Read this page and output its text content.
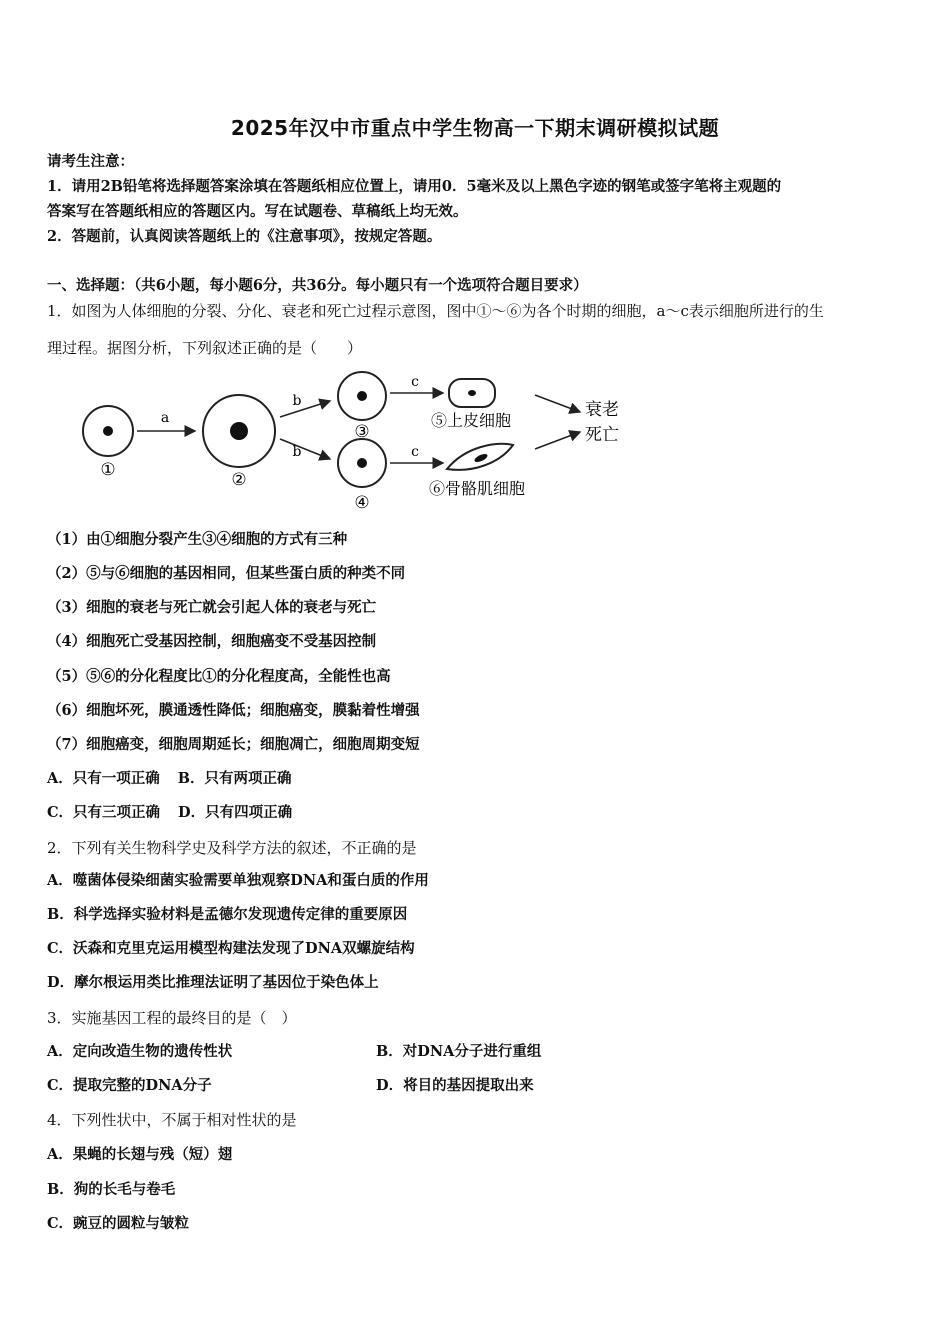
2025年汉中市重点中学生物高一下期末调研模拟试题
请考生注意：
1．请用2B铅笔将选择题答案涂填在答题纸相应位置上，请用0．5毫米及以上黑色字迹的钢笔或签字笔将主观题的
答案写在答题纸相应的答题区内。写在试题卷、草稿纸上均无效。
2．答题前，认真阅读答题纸上的《注意事项》，按规定答题。
一、选择题：（共6小题，每小题6分，共36分。每小题只有一个选项符合题目要求）
1．如图为人体细胞的分裂、分化、衰老和死亡过程示意图，图中①～⑥为各个时期的细胞，a～c表示细胞所进行的生
理过程。据图分析，下列叙述正确的是（　　）
①
a
②
b
b
③
④
c
c
⑤上皮细胞
⑥骨骼肌细胞
衰老
死亡
（1）由①细胞分裂产生③④细胞的方式有三种
（2）⑤与⑥细胞的基因相同，但某些蛋白质的种类不同
（3）细胞的衰老与死亡就会引起人体的衰老与死亡
（4）细胞死亡受基因控制，细胞癌变不受基因控制
（5）⑤⑥的分化程度比①的分化程度高，全能性也高
（6）细胞坏死，膜通透性降低；细胞癌变，膜黏着性增强
（7）细胞癌变，细胞周期延长；细胞凋亡，细胞周期变短
A．只有一项正确 B．只有两项正确
C．只有三项正确 D．只有四项正确
2．下列有关生物科学史及科学方法的叙述，不正确的是
A．噬菌体侵染细菌实验需要单独观察DNA和蛋白质的作用
B．科学选择实验材料是孟德尔发现遗传定律的重要原因
C．沃森和克里克运用模型构建法发现了DNA双螺旋结构
D．摩尔根运用类比推理法证明了基因位于染色体上
3．实施基因工程的最终目的是（　）
A．定向改造生物的遗传性状	B．对DNA分子进行重组
C．提取完整的DNA分子	D．将目的基因提取出来
4．下列性状中，不属于相对性状的是
A．果蝇的长翅与残（短）翅
B．狗的长毛与卷毛
C．豌豆的圆粒与皱粒
